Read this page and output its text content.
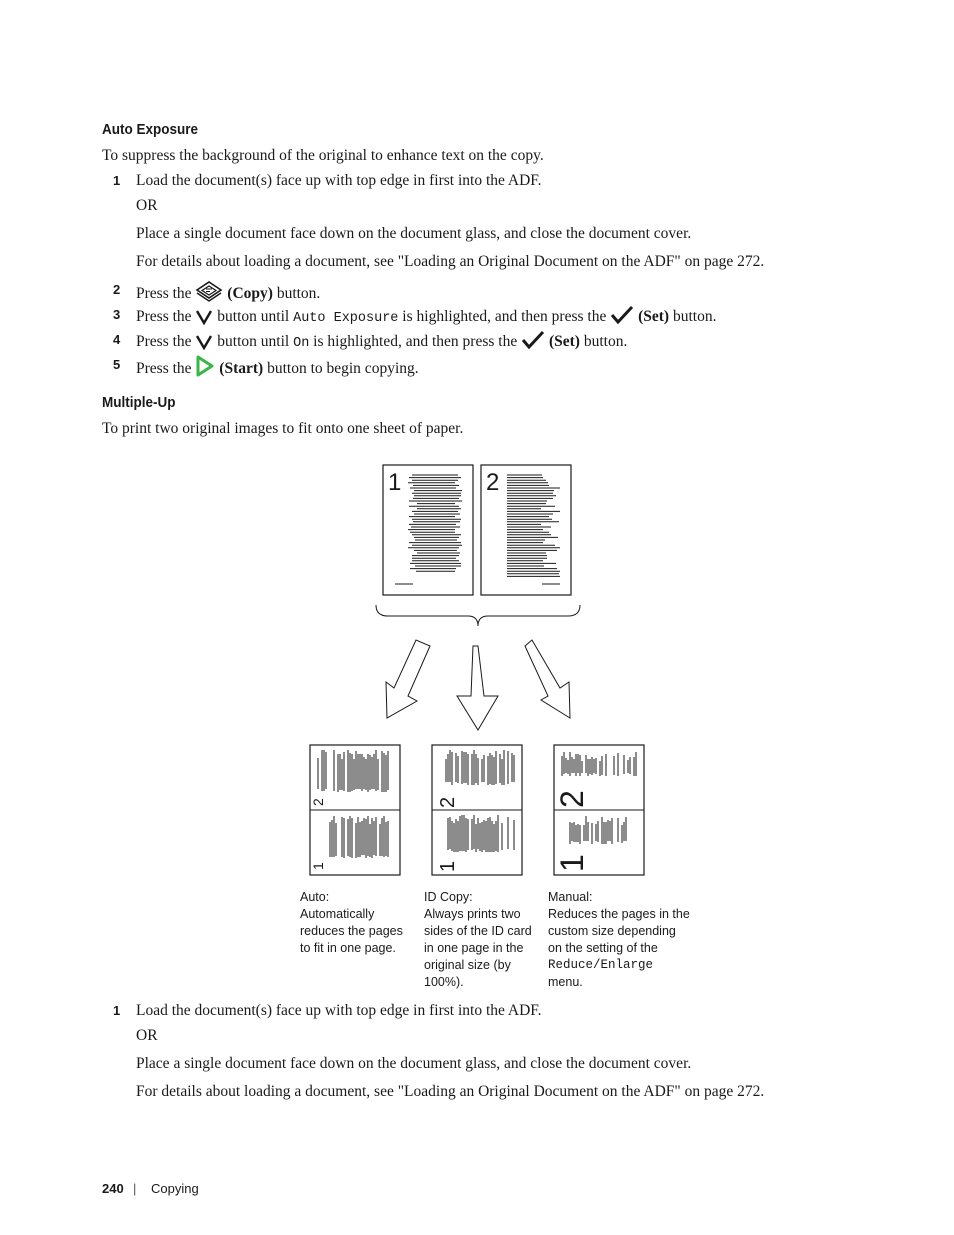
Auto Exposure
To suppress the background of the original to enhance text on the copy.
1 Load the document(s) face up with top edge in first into the ADF.
OR
Place a single document face down on the document glass, and close the document cover.
For details about loading a document, see "Loading an Original Document on the ADF" on page 272.
2 Press the (Copy) button.
3 Press the button until Auto Exposure is highlighted, and then press the (Set) button.
4 Press the button until On is highlighted, and then press the (Set) button.
5 Press the (Start) button to begin copying.
Multiple-Up
To print two original images to fit onto one sheet of paper.
1	2
2
1
2
1
2
1
Auto:
Automatically
reduces the pages
to fit in one page.
ID Copy:
Always prints two
sides of the ID card
in one page in the
original size (by
100%).
Manual:
Reduces the pages in the
custom size depending
on the setting of the
Reduce/Enlarge
menu.
1 Load the document(s) face up with top edge in first into the ADF.
OR
Place a single document face down on the document glass, and close the document cover.
For details about loading a document, see "Loading an Original Document on the ADF" on page 272.
240 | Copying
